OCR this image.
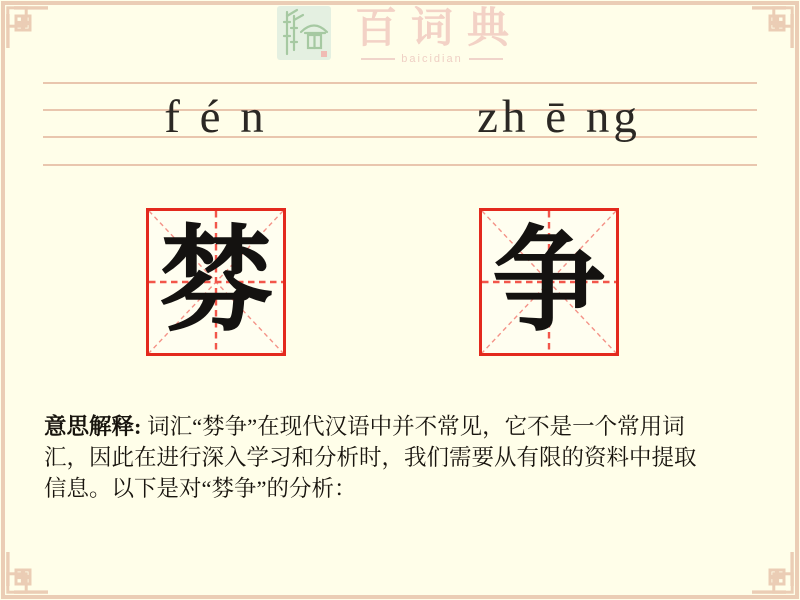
百词典
baicidian
f é n	zh ē ng
棼 争
意思解释: 词汇“棼争”在现代汉语中并不常见，它不是一个常用词
汇，因此在进行深入学习和分析时，我们需要从有限的资料中提取
信息。以下是对“棼争”的分析：
